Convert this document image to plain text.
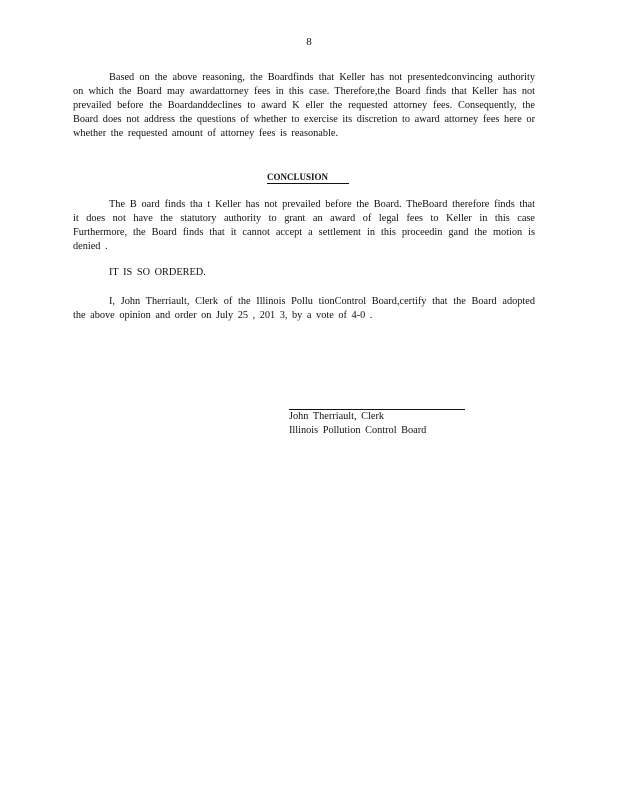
8

Based on the above reasoning, the Boardfinds that Keller has not presentedconvincing authority on which the Board may awardattorney fees in this case. Therefore,the Board finds that Keller has not prevailed before the Boardanddeclines to award K eller the requested attorney fees. Consequently, the Board does not address the questions of whether to exercise its discretion to award attorney fees here or whether the requested amount of attorney fees is reasonable.

CONCLUSION

The B oard finds tha t Keller has not prevailed before the Board. TheBoard therefore finds that it does not have the statutory authority to grant an award of legal fees to Keller in this case Furthermore, the Board finds that it cannot accept a settlement in this proceedin gand the motion is denied .

IT IS SO ORDERED.

I, John Therriault, Clerk of the Illinois Pollu tionControl Board,certify that the Board adopted the above opinion and order on July 25 , 201 3, by a vote of 4-0 .

John Therriault, Clerk
Illinois Pollution Control Board
